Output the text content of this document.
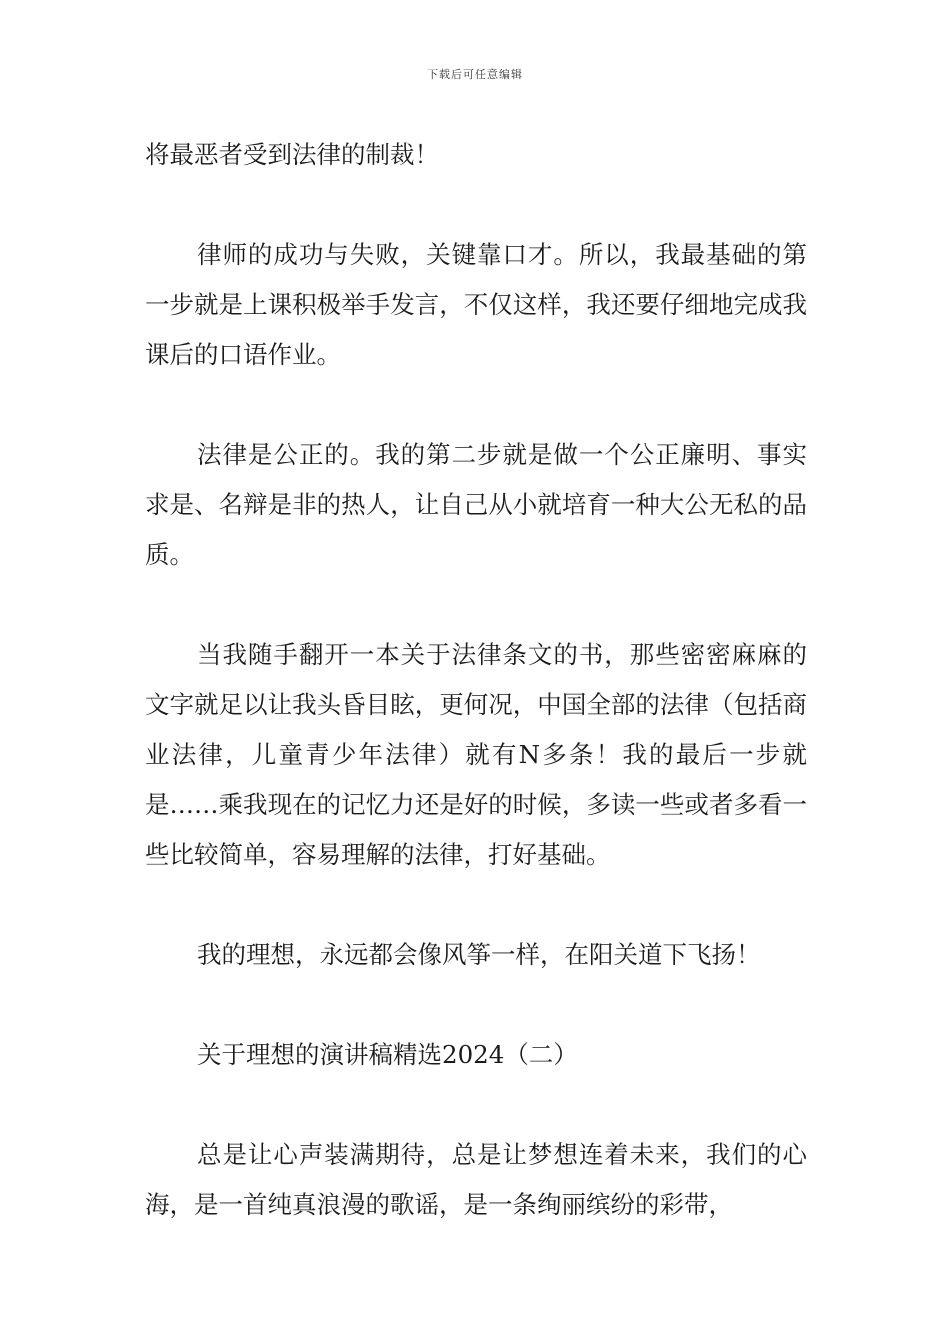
下载后可任意编辑

将最恶者受到法律的制裁！

律师的成功与失败，关键靠口才。所以，我最基础的第一步就是上课积极举手发言，不仅这样，我还要仔细地完成我课后的口语作业。

法律是公正的。我的第二步就是做一个公正廉明、事实求是、名辩是非的热人，让自己从小就培育一种大公无私的品质。

当我随手翻开一本关于法律条文的书，那些密密麻麻的文字就足以让我头昏目眩，更何况，中国全部的法律（包括商业法律，儿童青少年法律）就有N多条！我的最后一步就是……乘我现在的记忆力还是好的时候，多读一些或者多看一些比较简单，容易理解的法律，打好基础。

我的理想，永远都会像风筝一样，在阳关道下飞扬！

关于理想的演讲稿精选2024（二）

总是让心声装满期待，总是让梦想连着未来，我们的心海，是一首纯真浪漫的歌谣，是一条绚丽缤纷的彩带，
